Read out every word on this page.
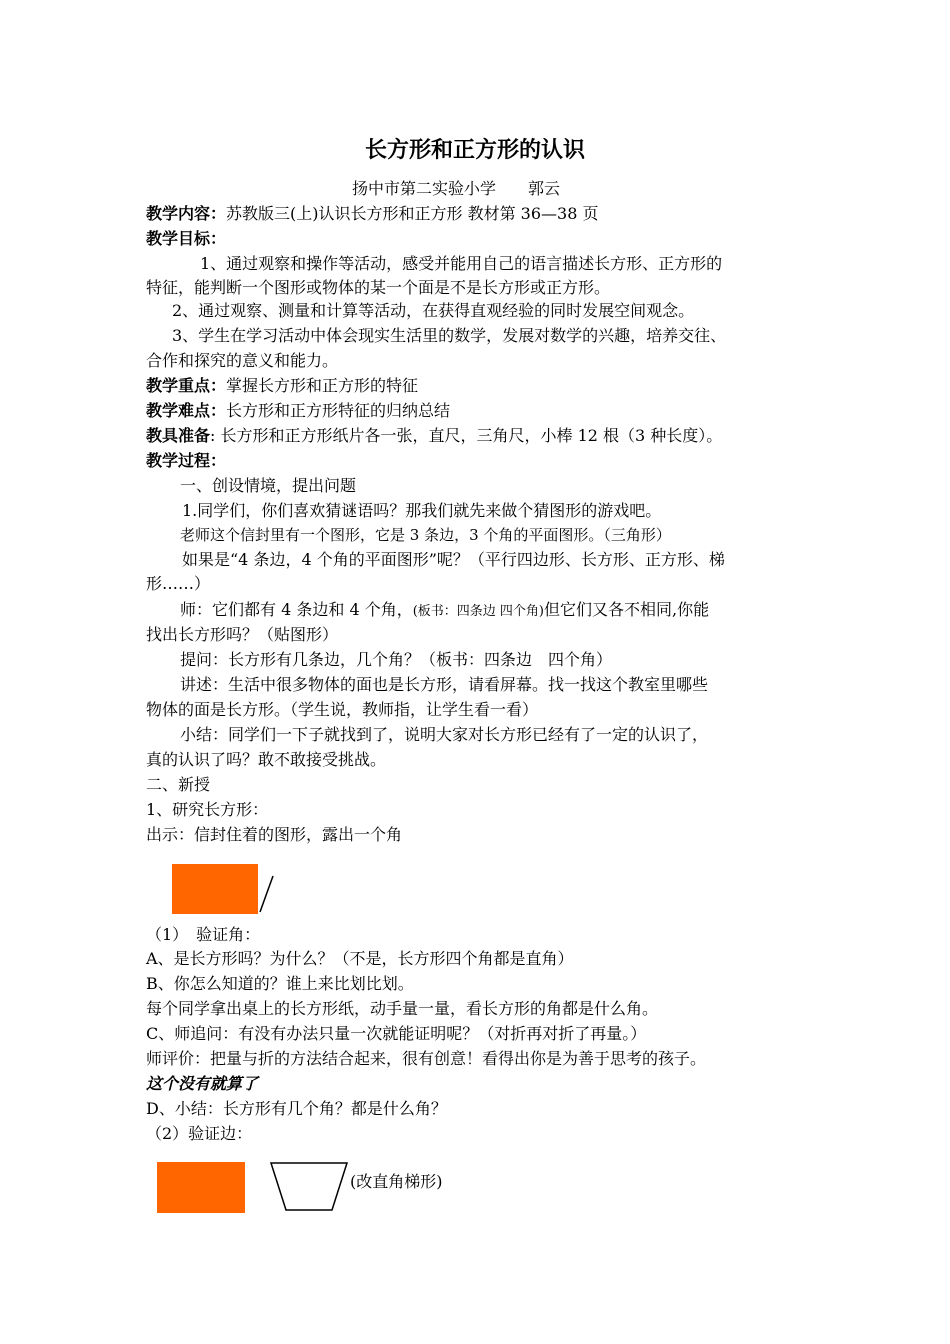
长方形和正方形的认识
扬中市第二实验小学　　郭云
教学内容：苏教版三(上)认识长方形和正方形 教材第 36—38 页
教学目标：
1、通过观察和操作等活动，感受并能用自己的语言描述长方形、正方形的
特征，能判断一个图形或物体的某一个面是不是长方形或正方形。
2、通过观察、测量和计算等活动，在获得直观经验的同时发展空间观念。
3、学生在学习活动中体会现实生活里的数学，发展对数学的兴趣，培养交往、
合作和探究的意义和能力。
教学重点：掌握长方形和正方形的特征
教学难点：长方形和正方形特征的归纳总结
教具准备: 长方形和正方形纸片各一张，直尺，三角尺，小棒 12 根（3 种长度）。
教学过程：
一、创设情境，提出问题
1.同学们，你们喜欢猜谜语吗？那我们就先来做个猜图形的游戏吧。
老师这个信封里有一个图形，它是 3 条边，3 个角的平面图形。（三角形）
如果是“4 条边，4 个角的平面图形”呢？（平行四边形、长方形、正方形、梯
形……）
师：它们都有 4 条边和 4 个角，(板书：四条边 四个角)但它们又各不相同,你能
找出长方形吗？（贴图形）
提问：长方形有几条边，几个角？（板书：四条边　四个角）
讲述：生活中很多物体的面也是长方形，请看屏幕。找一找这个教室里哪些
物体的面是长方形。（学生说，教师指，让学生看一看）
小结：同学们一下子就找到了，说明大家对长方形已经有了一定的认识了，
真的认识了吗？敢不敢接受挑战。
二、新授
1、研究长方形：
出示：信封住着的图形，露出一个角
（1）　验证角：
A、是长方形吗？为什么？（不是，长方形四个角都是直角）
B、你怎么知道的？谁上来比划比划。
每个同学拿出桌上的长方形纸，动手量一量，看长方形的角都是什么角。
C、师追问：有没有办法只量一次就能证明呢？（对折再对折了再量。）
师评价：把量与折的方法结合起来，很有创意！看得出你是为善于思考的孩子。
这个没有就算了
D、小结：长方形有几个角？都是什么角？
（2）验证边：
(改直角梯形)
